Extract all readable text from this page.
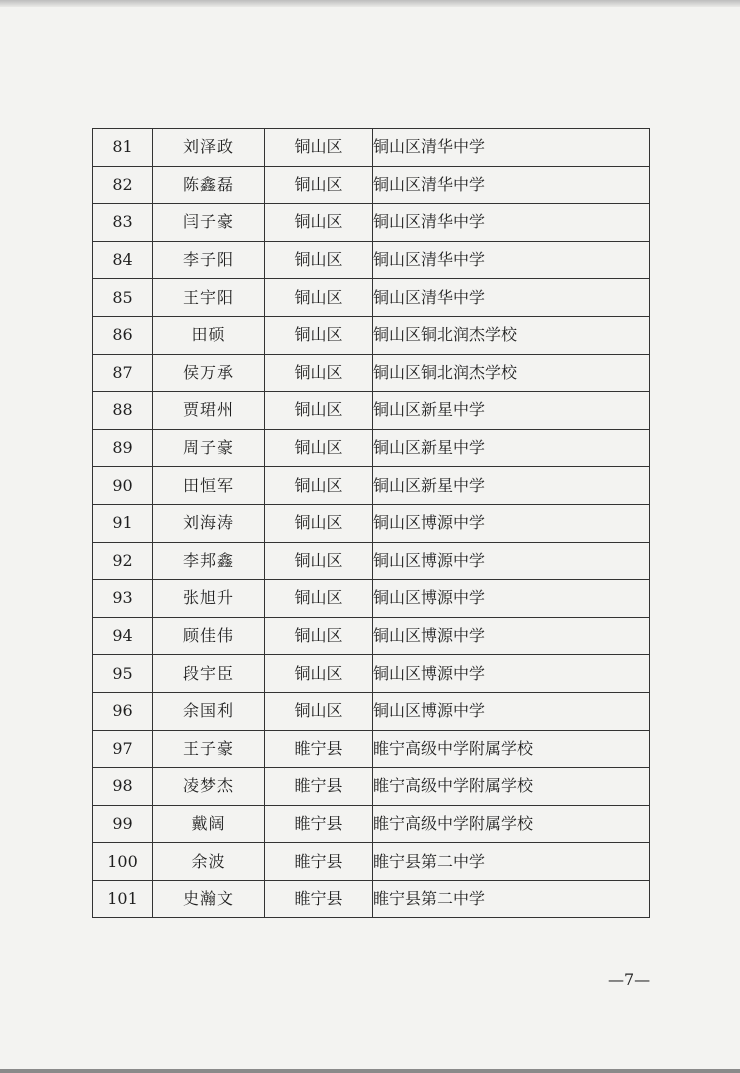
81	刘泽政	铜山区	铜山区清华中学
82	陈鑫磊	铜山区	铜山区清华中学
83	闫子豪	铜山区	铜山区清华中学
84	李子阳	铜山区	铜山区清华中学
85	王宇阳	铜山区	铜山区清华中学
86	田硕	铜山区	铜山区铜北润杰学校
87	侯万承	铜山区	铜山区铜北润杰学校
88	贾珺州	铜山区	铜山区新星中学
89	周子豪	铜山区	铜山区新星中学
90	田恒军	铜山区	铜山区新星中学
91	刘海涛	铜山区	铜山区博源中学
92	李邦鑫	铜山区	铜山区博源中学
93	张旭升	铜山区	铜山区博源中学
94	顾佳伟	铜山区	铜山区博源中学
95	段宇臣	铜山区	铜山区博源中学
96	余国利	铜山区	铜山区博源中学
97	王子豪	睢宁县	睢宁高级中学附属学校
98	凌梦杰	睢宁县	睢宁高级中学附属学校
99	戴阔	睢宁县	睢宁高级中学附属学校
100	余波	睢宁县	睢宁县第二中学
101	史瀚文	睢宁县	睢宁县第二中学
—7—
